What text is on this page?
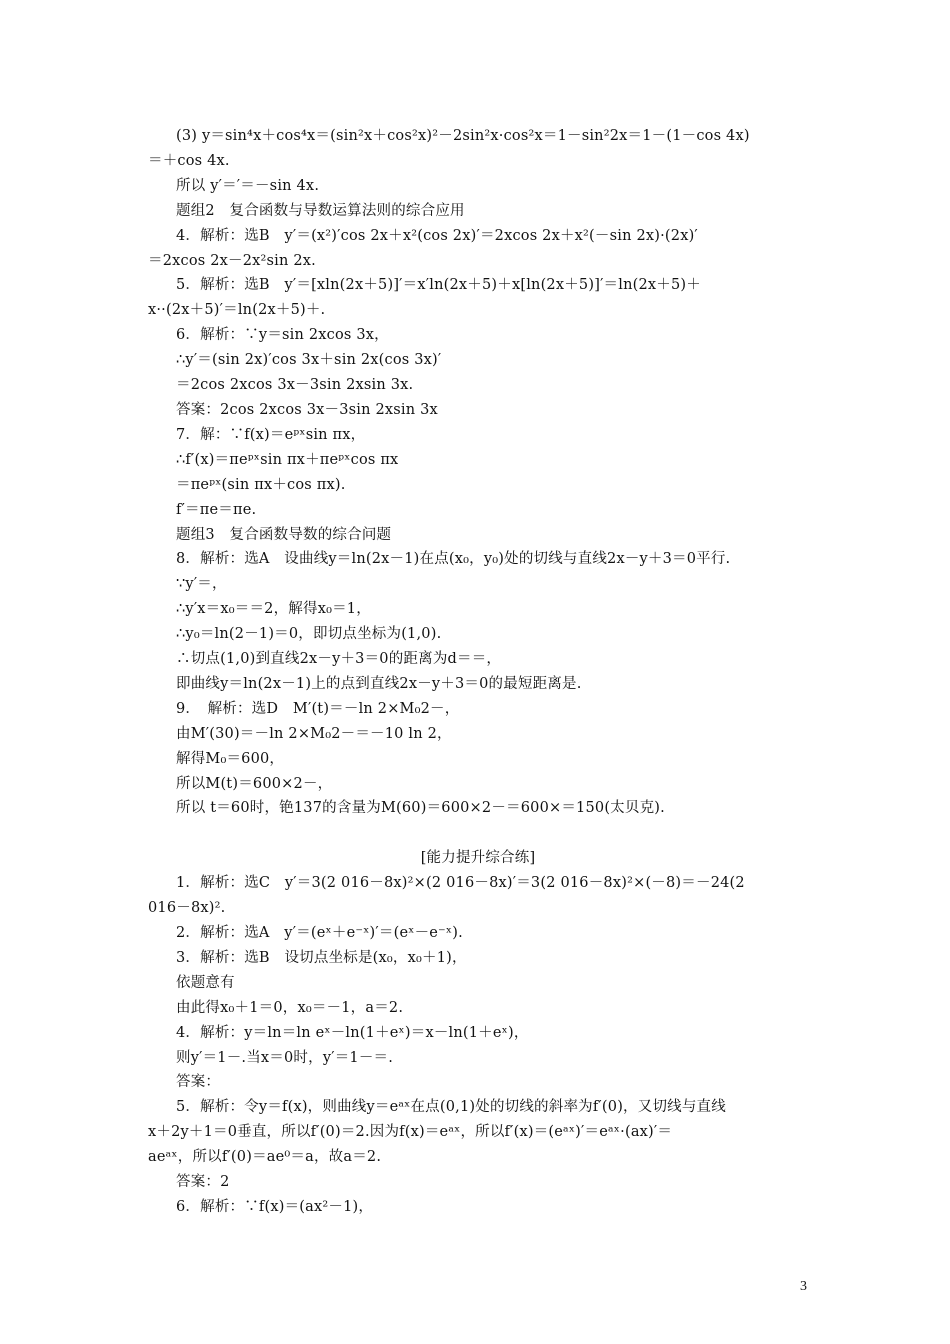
(3) y＝sin⁴x＋cos⁴x＝(sin²x＋cos²x)²－2sin²x·cos²x＝1－sin²2x＝1－(1－cos 4x)
＝＋cos 4x.
所以 y′＝′＝－sin 4x.
题组2　复合函数与导数运算法则的综合应用
4．解析：选B　y′＝(x²)′cos 2x＋x²(cos 2x)′＝2xcos 2x＋x²(－sin 2x)·(2x)′
＝2xcos 2x－2x²sin 2x.
5．解析：选B　y′＝[xln(2x＋5)]′＝x′ln(2x＋5)＋x[ln(2x＋5)]′＝ln(2x＋5)＋
x··(2x＋5)′＝ln(2x＋5)＋.
6．解析：∵y＝sin 2xcos 3x，
∴y′＝(sin 2x)′cos 3x＋sin 2x(cos 3x)′
＝2cos 2xcos 3x－3sin 2xsin 3x.
答案：2cos 2xcos 3x－3sin 2xsin 3x
7．解：∵f(x)＝eᵖˣsin πx，
∴f′(x)＝πeᵖˣsin πx＋πeᵖˣcos πx
＝πeᵖˣ(sin πx＋cos πx).
f′＝πe＝πe.
题组3　复合函数导数的综合问题
8．解析：选A　设曲线y＝ln(2x－1)在点(x₀，y₀)处的切线与直线2x－y＋3＝0平行.
∵y′＝，
∴y′x＝x₀＝＝2，解得x₀＝1，
∴y₀＝ln(2－1)＝0，即切点坐标为(1,0).
∴切点(1,0)到直线2x－y＋3＝0的距离为d＝＝，
即曲线y＝ln(2x－1)上的点到直线2x－y＋3＝0的最短距离是.
9．　解析：选D　M′(t)＝－ln 2×M₀2－，
由M′(30)＝－ln 2×M₀2－＝－10 ln 2，
解得M₀＝600，
所以M(t)＝600×2－，
所以 t＝60时，铯137的含量为M(60)＝600×2－＝600×＝150(太贝克).
[能力提升综合练]
1．解析：选C　y′＝3(2 016－8x)²×(2 016－8x)′＝3(2 016－8x)²×(－8)＝－24(2
016－8x)².
2．解析：选A　y′＝(eˣ＋e⁻ˣ)′＝(eˣ－e⁻ˣ).
3．解析：选B　设切点坐标是(x₀，x₀＋1)，
依题意有
由此得x₀＋1＝0，x₀＝－1，a＝2.
4．解析：y＝ln＝ln eˣ－ln(1＋eˣ)＝x－ln(1＋eˣ)，
则y′＝1－.当x＝0时，y′＝1－＝.
答案：
5．解析：令y＝f(x)，则曲线y＝eᵃˣ在点(0,1)处的切线的斜率为f′(0)，又切线与直线
x＋2y＋1＝0垂直，所以f′(0)＝2.因为f(x)＝eᵃˣ，所以f′(x)＝(eᵃˣ)′＝eᵃˣ·(ax)′＝
aeᵃˣ，所以f′(0)＝ae⁰＝a，故a＝2.
答案：2
6．解析：∵f(x)＝(ax²－1)，
3
